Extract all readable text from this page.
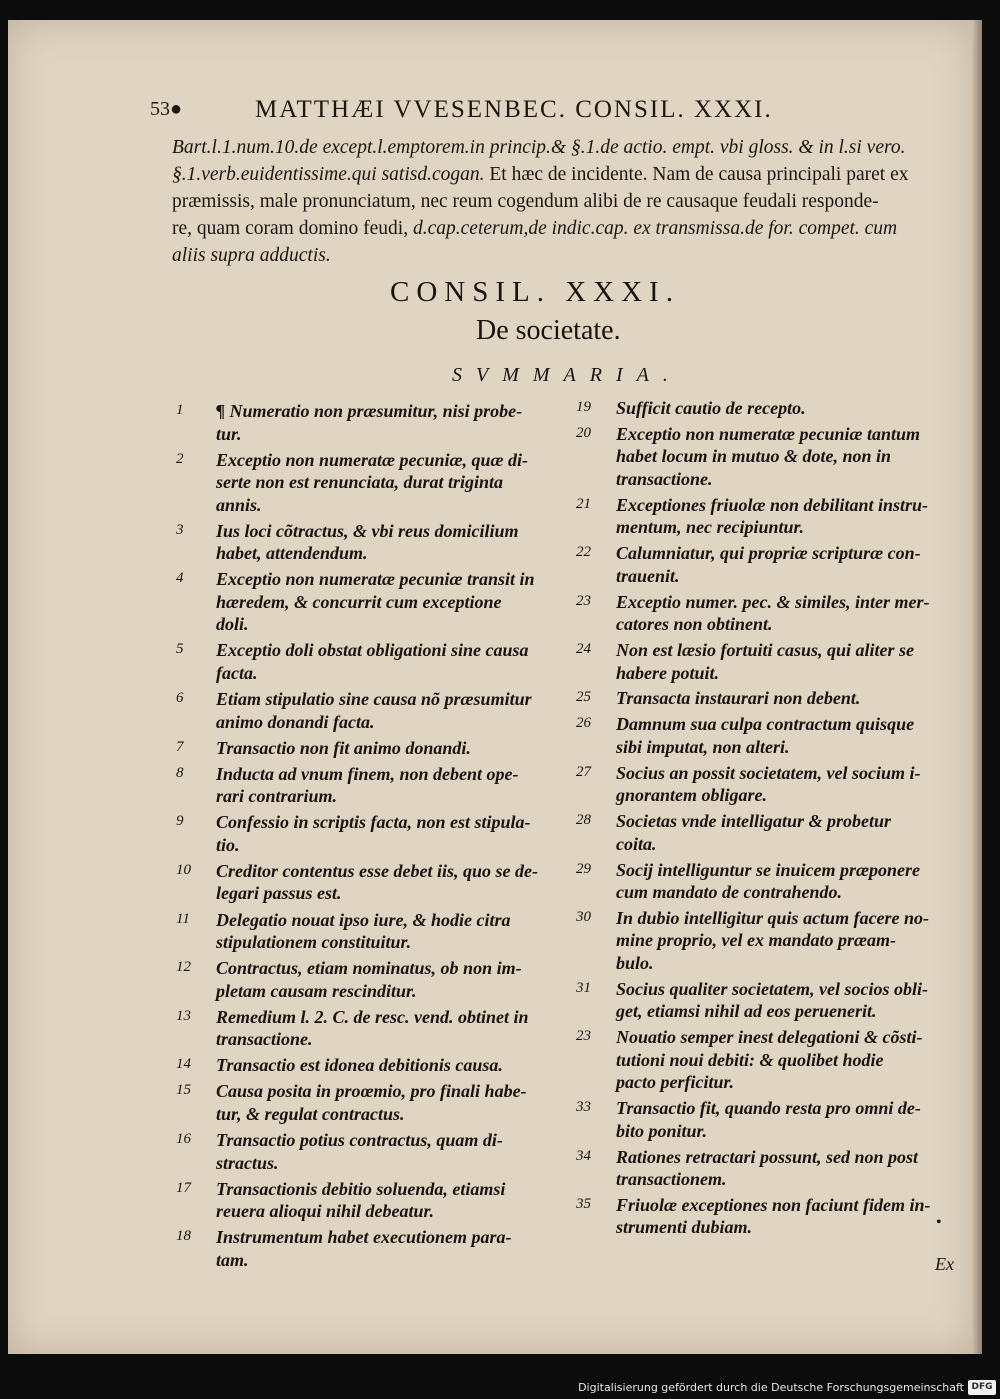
53●	MATTHÆI VVESENBEC. CONSIL. XXXI.
Bart.l.1.num.10.de except.l.emptorem.in princip.& §.1.de actio. empt. vbi gloss. & in l.si vero.
§.1.verb.euidentissime.qui satisd.cogan. Et hæc de incidente. Nam de causa principali paret ex
præmissis, male pronunciatum, nec reum cogendum alibi de re causaque feudali responde-
re, quam coram domino feudi, d.cap.ceterum,de indic.cap. ex transmissa.de for. compet. cum
aliis supra adductis.
CONSIL. XXXI.
De societate.
SVMMARIA.
1	¶ Numeratio non præsumitur, nisi probe-
tur.
2	Exceptio non numeratæ pecuniæ, quæ di-
serte non est renunciata, durat triginta
annis.
3	Ius loci cõtractus, & vbi reus domicilium
habet, attendendum.
4	Exceptio non numeratæ pecuniæ transit in
hæredem, & concurrit cum exceptione
doli.
5	Exceptio doli obstat obligationi sine causa
facta.
6	Etiam stipulatio sine causa nõ præsumitur
animo donandi facta.
7	Transactio non fit animo donandi.
8	Inducta ad vnum finem, non debent ope-
rari contrarium.
9	Confessio in scriptis facta, non est stipula-
tio.
10	Creditor contentus esse debet iis, quo se de-
legari passus est.
11	Delegatio nouat ipso iure, & hodie citra
stipulationem constituitur.
12	Contractus, etiam nominatus, ob non im-
pletam causam rescinditur.
13	Remedium l. 2. C. de resc. vend. obtinet in
transactione.
14	Transactio est idonea debitionis causa.
15	Causa posita in proœmio, pro finali habe-
tur, & regulat contractus.
16	Transactio potius contractus, quam di-
stractus.
17	Transactionis debitio soluenda, etiamsi
reuera alioqui nihil debeatur.
18	Instrumentum habet executionem para-
tam.
19	Sufficit cautio de recepto.
20	Exceptio non numeratæ pecuniæ tantum
habet locum in mutuo & dote, non in
transactione.
21	Exceptiones friuolæ non debilitant instru-
mentum, nec recipiuntur.
22	Calumniatur, qui propriæ scripturæ con-
trauenit.
23	Exceptio numer. pec. & similes, inter mer-
catores non obtinent.
24	Non est læsio fortuiti casus, qui aliter se
habere potuit.
25	Transacta instaurari non debent.
26	Damnum sua culpa contractum quisque
sibi imputat, non alteri.
27	Socius an possit societatem, vel socium i-
gnorantem obligare.
28	Societas vnde intelligatur & probetur
coita.
29	Socij intelliguntur se inuicem præponere
cum mandato de contrahendo.
30	In dubio intelligitur quis actum facere no-
mine proprio, vel ex mandato præam-
bulo.
31	Socius qualiter societatem, vel socios obli-
get, etiamsi nihil ad eos peruenerit.
23	Nouatio semper inest delegationi & cõsti-
tutioni noui debiti: & quolibet hodie
pacto perficitur.
33	Transactio fit, quando resta pro omni de-
bito ponitur.
34	Rationes retractari possunt, sed non post
transactionem.
35	Friuolæ exceptiones non faciunt fidem in-
strumenti dubiam.	•
Ex
Digitalisierung gefördert durch die Deutsche Forschungsgemeinschaft DFG
